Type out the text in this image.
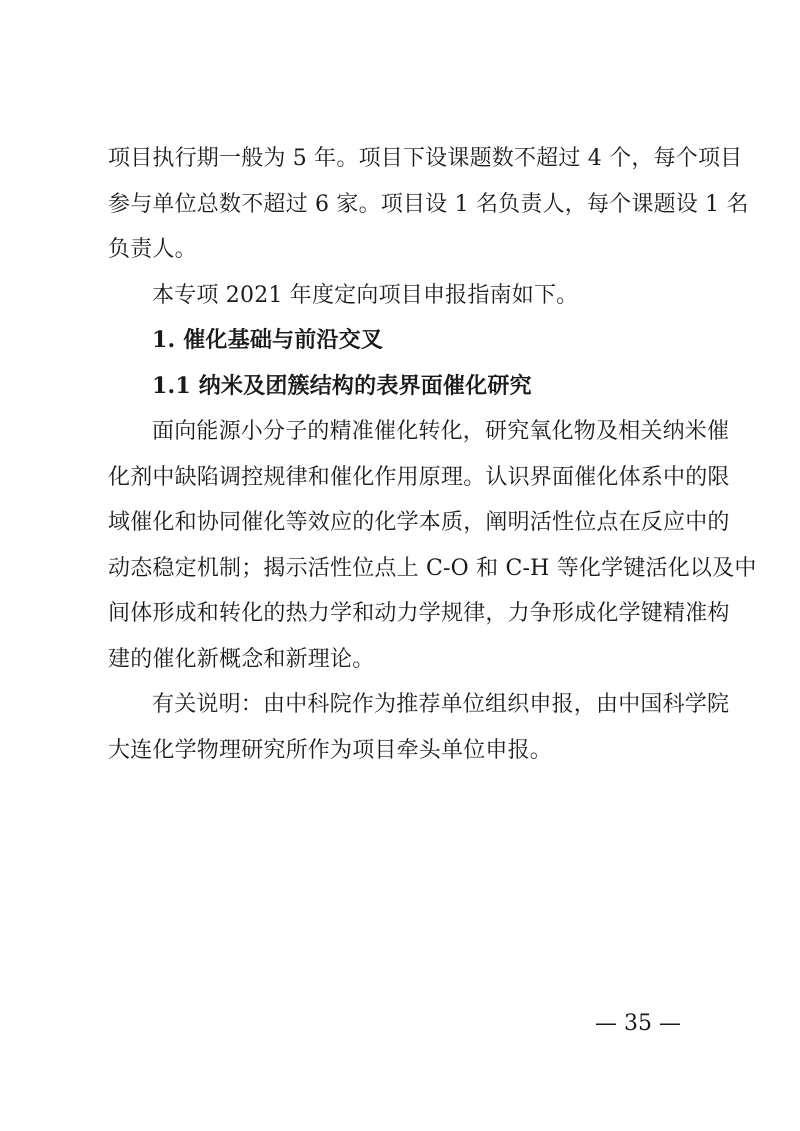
项目执行期一般为 5 年。项目下设课题数不超过 4 个，每个项目
参与单位总数不超过 6 家。项目设 1 名负责人，每个课题设 1 名
负责人。
本专项 2021 年度定向项目申报指南如下。
1. 催化基础与前沿交叉
1.1 纳米及团簇结构的表界面催化研究
面向能源小分子的精准催化转化，研究氧化物及相关纳米催
化剂中缺陷调控规律和催化作用原理。认识界面催化体系中的限
域催化和协同催化等效应的化学本质，阐明活性位点在反应中的
动态稳定机制；揭示活性位点上 C-O 和 C-H 等化学键活化以及中
间体形成和转化的热力学和动力学规律，力争形成化学键精准构
建的催化新概念和新理论。
有关说明：由中科院作为推荐单位组织申报，由中国科学院
大连化学物理研究所作为项目牵头单位申报。
— 35 —
